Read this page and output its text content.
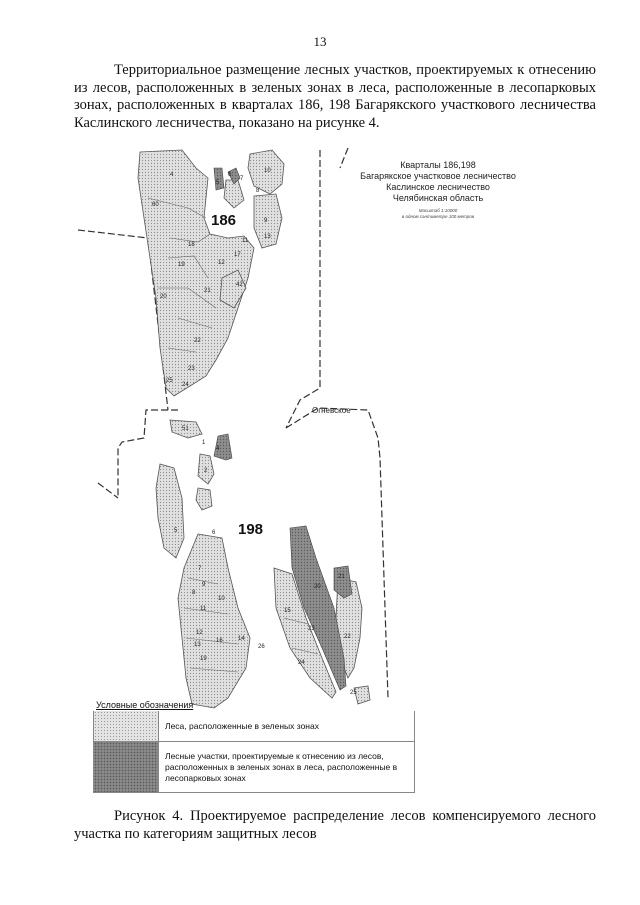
13

Территориальное размещение лесных участков, проектируемых к отнесению из лесов, расположенных в зеленых зонах в леса, расположенные в лесопарковых зонах, расположенных в кварталах 186, 198 Багарякского участкового лесничества Каслинского лесничества, показано на рисунке 4.

4
60
5
6
7
8
10
9
11
13
18
17
42
21
20
22
23
24
25
19	12
51
1
4
2
5	6
7
9
8
11
10
12
13
16	14
19
15
23
24
20
21
22
25
26
Кварталы 186,198
Багарякское участковое лесничество
Каслинское лесничество
Челябинская область
Масштаб 1:10000
в одном сантиметре 100 метров
186
198
Огневское
Условные обозначения
Леса, расположенные в зеленых зонах
Лесные участки, проектируемые к отнесению из лесов, расположенных в зеленых зонах в леса, расположенные в лесопарковых зонах

Рисунок 4. Проектируемое распределение лесов компенсируемого лесного участка по категориям защитных лесов
